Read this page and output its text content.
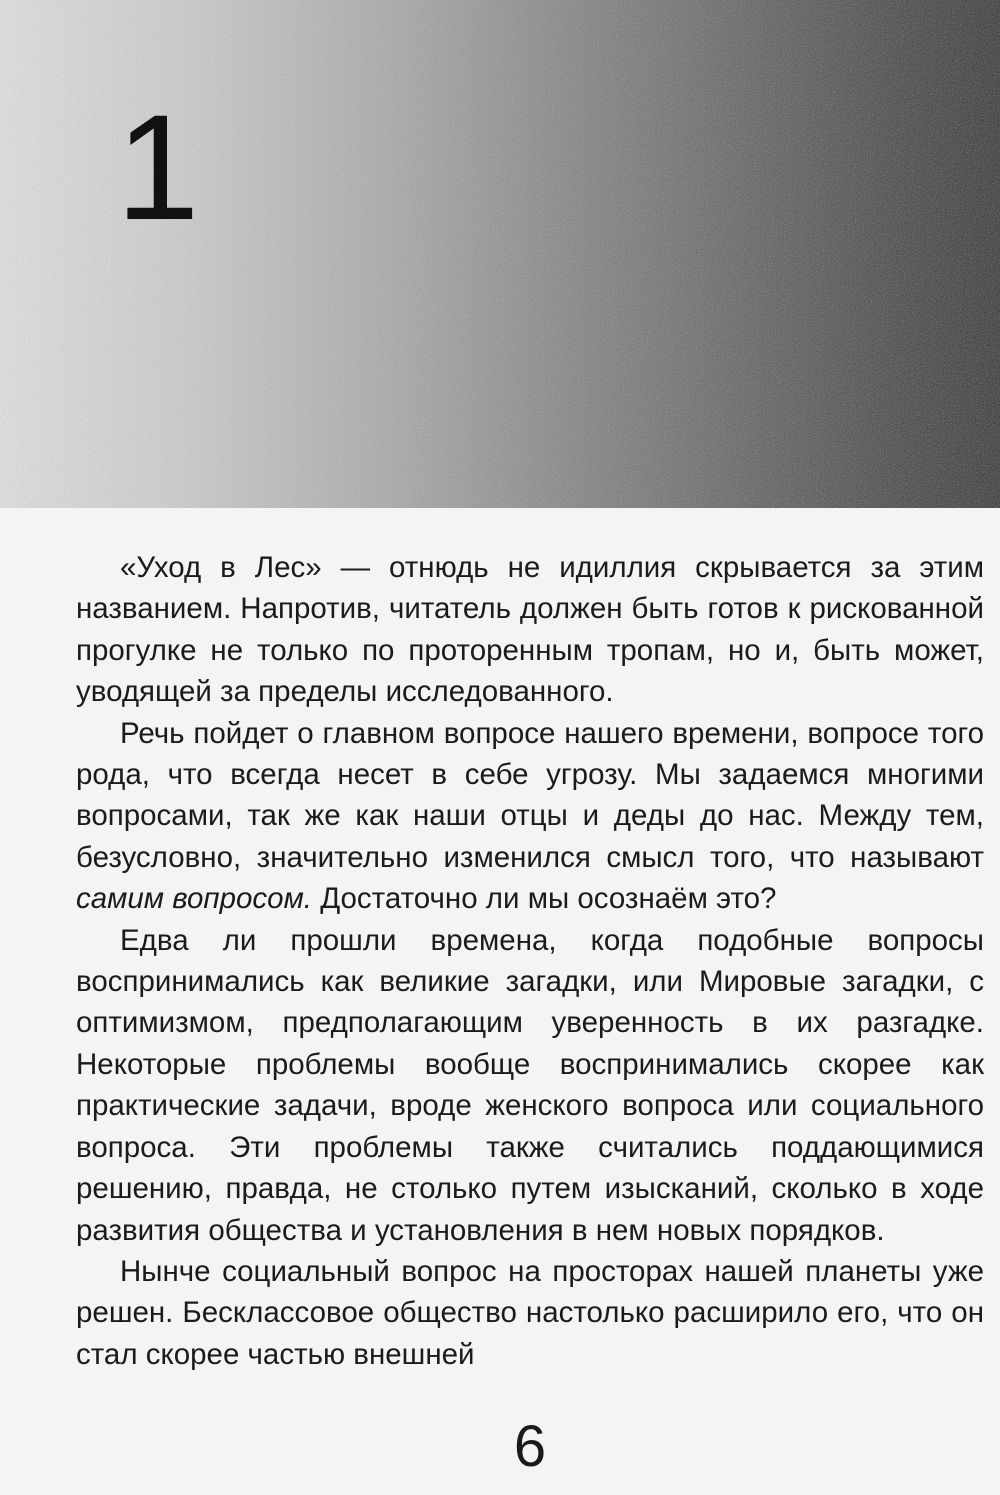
1

«Уход в Лес» — отнюдь не идиллия скрывается за этим названием. Напротив, читатель должен быть готов к рискованной прогулке не только по проторенным тропам, но и, быть может, уводящей за пределы исследованного.

Речь пойдет о главном вопросе нашего времени, вопросе того рода, что всегда несет в себе угрозу. Мы задаемся многими вопросами, так же как наши отцы и деды до нас. Между тем, безусловно, значительно изменился смысл того, что называют самим вопросом. Достаточно ли мы осознаём это?

Едва ли прошли времена, когда подобные вопросы воспринимались как великие загадки, или Мировые загадки, с оптимизмом, предполагающим уверенность в их разгадке. Некоторые проблемы вообще воспринимались скорее как практические задачи, вроде женского вопроса или социального вопроса. Эти проблемы также считались поддающимися решению, правда, не столько путем изысканий, сколько в ходе развития общества и установления в нем новых порядков.

Нынче социальный вопрос на просторах нашей планеты уже решен. Бесклассовое общество настолько расширило его, что он стал скорее частью внешней

6
